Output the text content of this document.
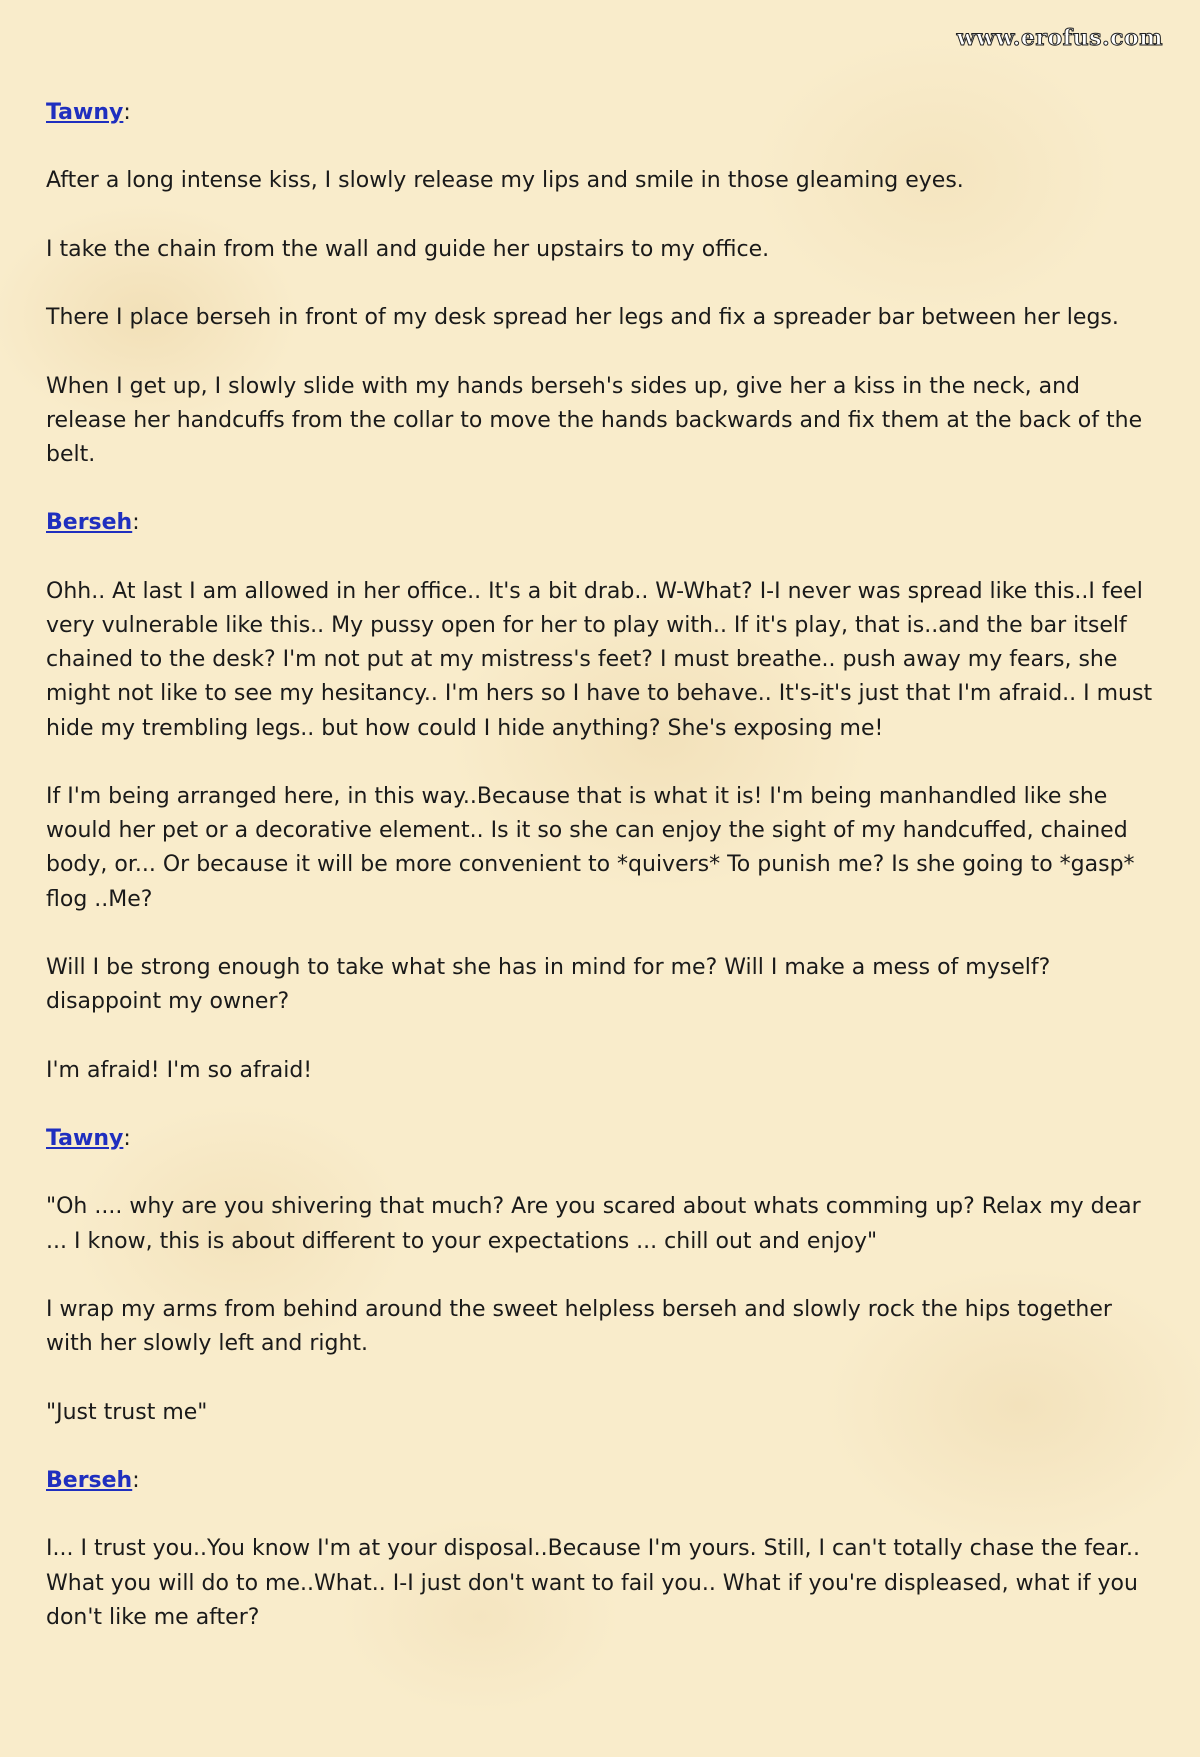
www.erofus.com
Tawny:

After a long intense kiss, I slowly release my lips and smile in those gleaming eyes.

I take the chain from the wall and guide her upstairs to my office.

There I place berseh in front of my desk spread her legs and fix a spreader bar between her legs.

When I get up, I slowly slide with my hands berseh's sides up, give her a kiss in the neck, and release her handcuffs from the collar to move the hands backwards and fix them at the back of the belt.

Berseh:

Ohh.. At last I am allowed in her office.. It's a bit drab.. W-What? I-I never was spread like this..I feel very vulnerable like this.. My pussy open for her to play with.. If it's play, that is..and the bar itself chained to the desk? I'm not put at my mistress's feet? I must breathe.. push away my fears, she might not like to see my hesitancy.. I'm hers so I have to behave.. It's-it's just that I'm afraid.. I must hide my trembling legs.. but how could I hide anything? She's exposing me!

If I'm being arranged here, in this way..Because that is what it is! I'm being manhandled like she would her pet or a decorative element.. Is it so she can enjoy the sight of my handcuffed, chained body, or... Or because it will be more convenient to *quivers* To punish me? Is she going to *gasp* flog ..Me?

Will I be strong enough to take what she has in mind for me? Will I make a mess of myself? disappoint my owner?

I'm afraid! I'm so afraid!

Tawny:

"Oh .... why are you shivering that much? Are you scared about whats comming up? Relax my dear ... I know, this is about different to your expectations ... chill out and enjoy"

I wrap my arms from behind around the sweet helpless berseh and slowly rock the hips together with her slowly left and right.

"Just trust me"

Berseh:

I... I trust you..You know I'm at your disposal..Because I'm yours. Still, I can't totally chase the fear.. What you will do to me..What.. I-I just don't want to fail you.. What if you're displeased, what if you don't like me after?
